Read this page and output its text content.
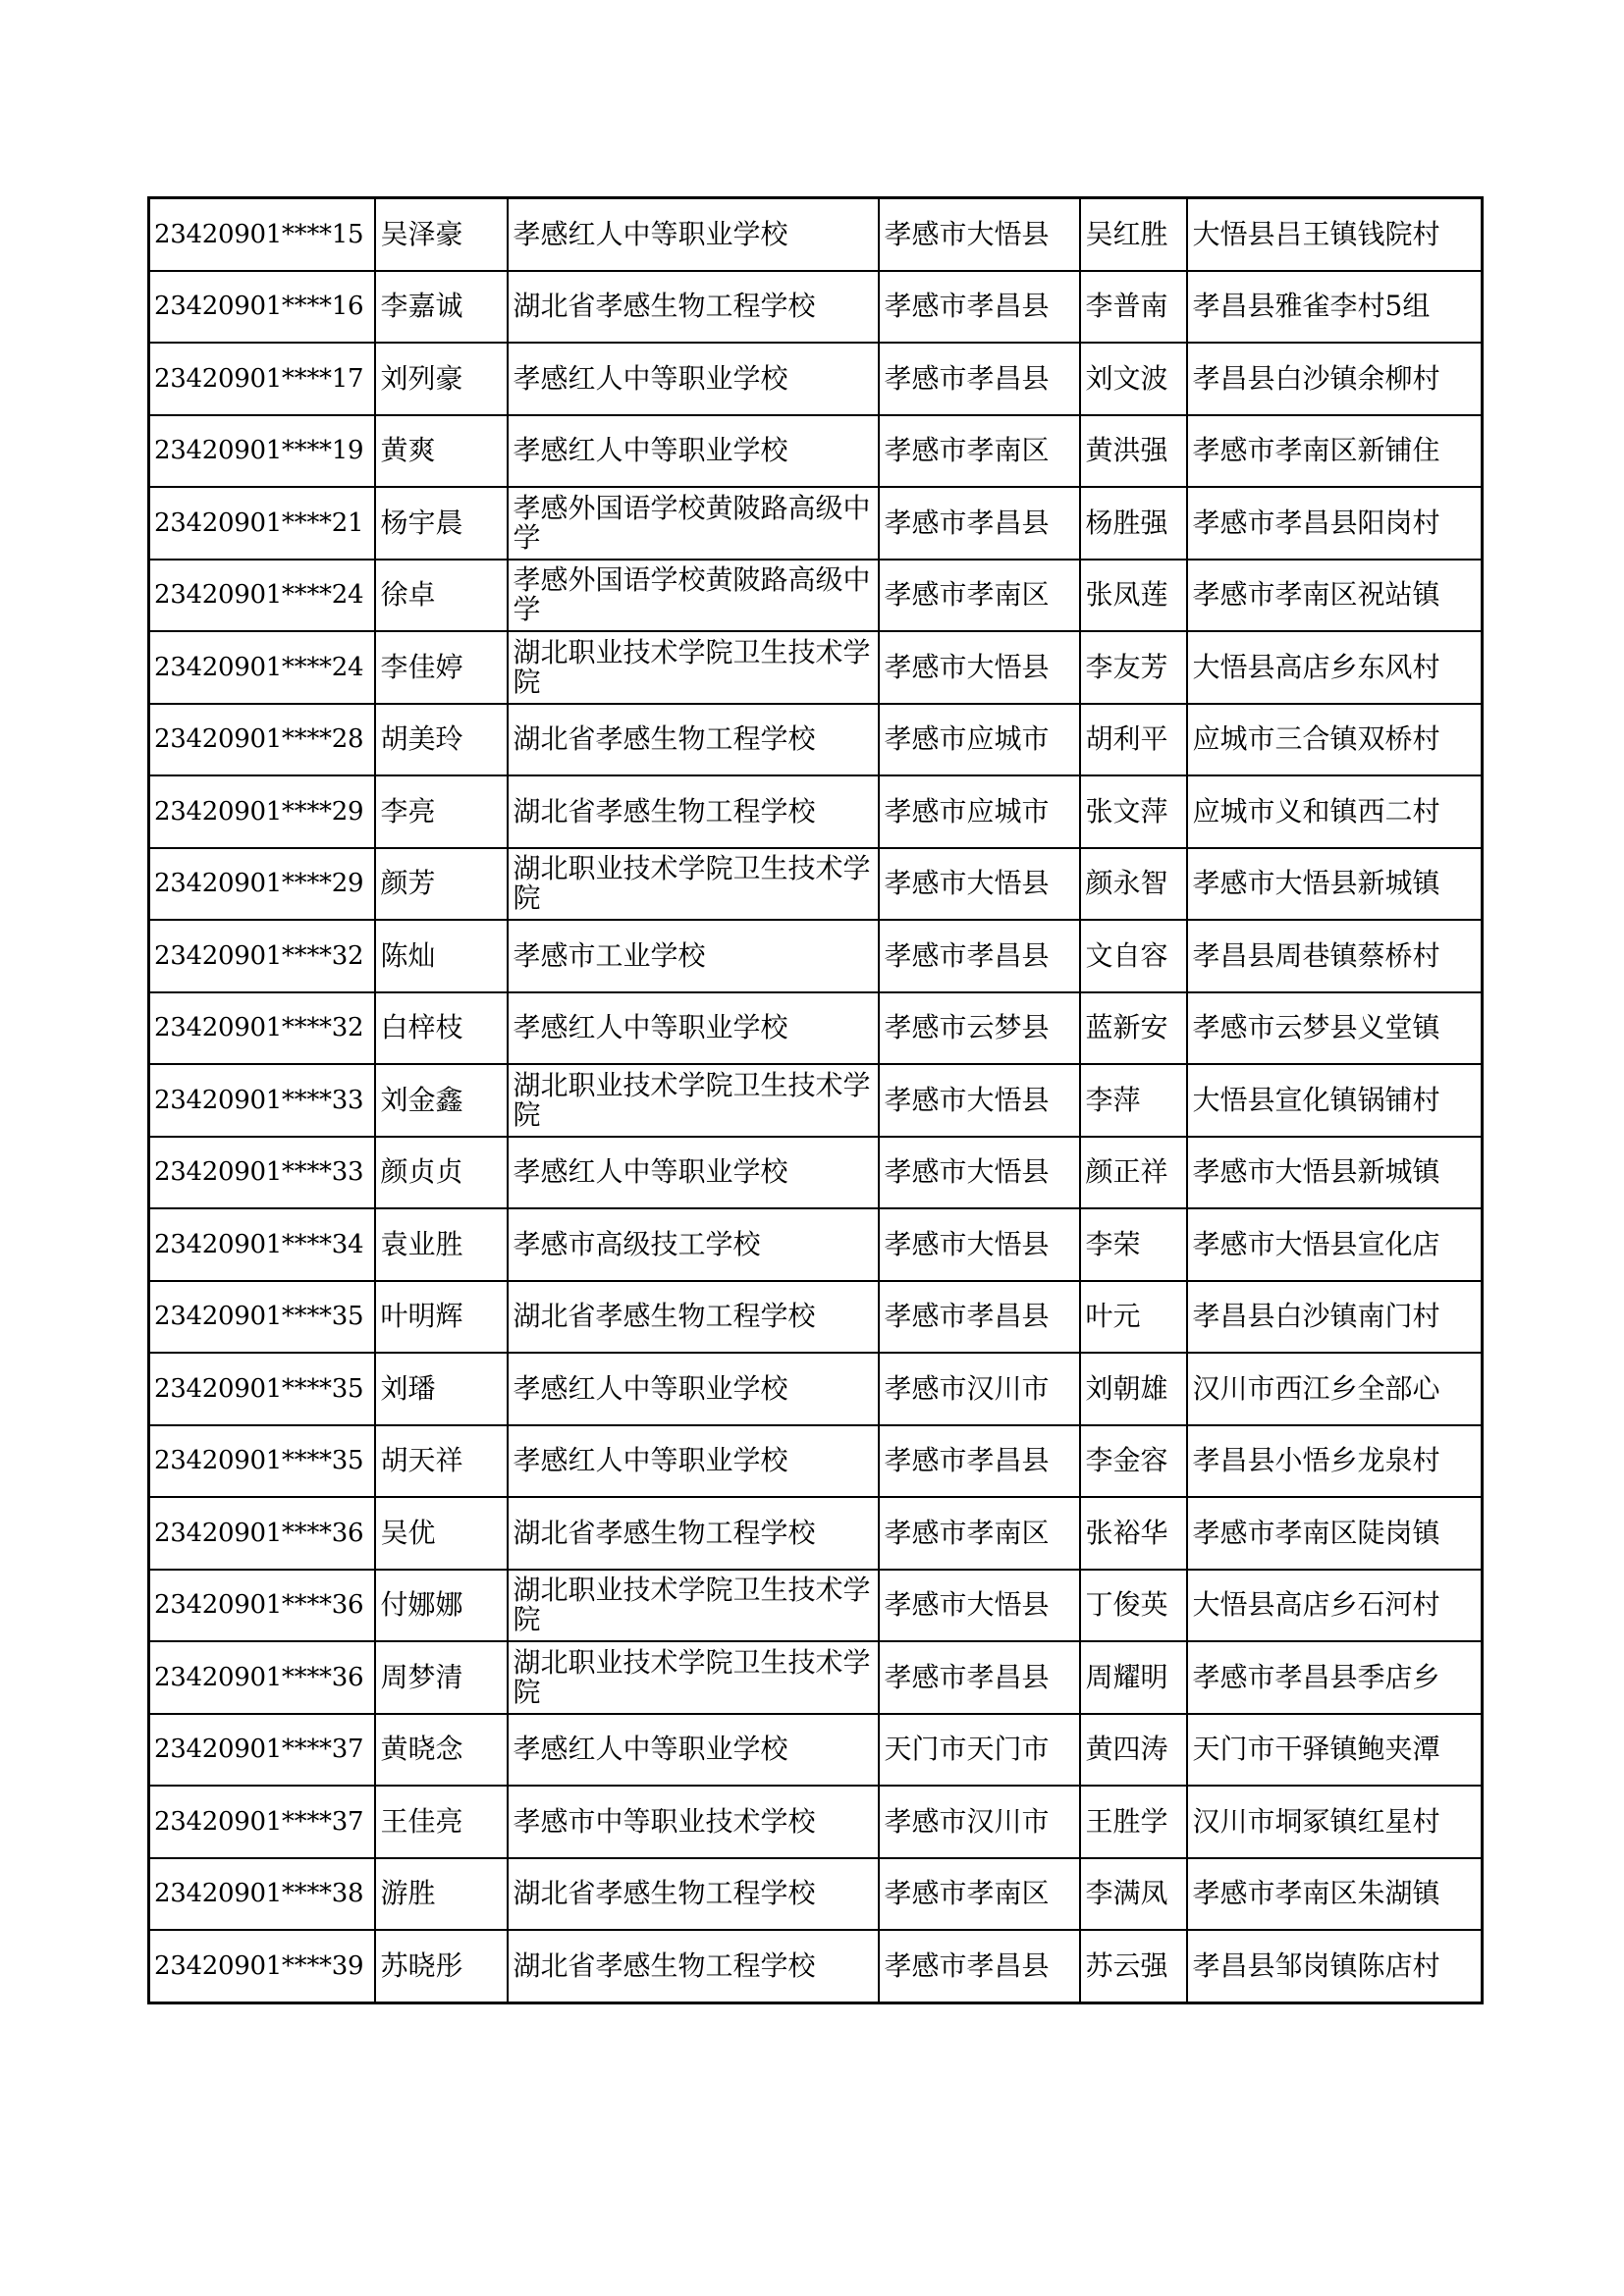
23420901****15	吴泽豪	孝感红人中等职业学校	孝感市大悟县	吴红胜	大悟县吕王镇钱院村
23420901****16	李嘉诚	湖北省孝感生物工程学校	孝感市孝昌县	李普南	孝昌县雅雀李村5组
23420901****17	刘列豪	孝感红人中等职业学校	孝感市孝昌县	刘文波	孝昌县白沙镇余柳村
23420901****19	黄爽	孝感红人中等职业学校	孝感市孝南区	黄洪强	孝感市孝南区新铺住
23420901****21	杨宇晨	孝感外国语学校黄陂路高级中学	孝感市孝昌县	杨胜强	孝感市孝昌县阳岗村
23420901****24	徐卓	孝感外国语学校黄陂路高级中学	孝感市孝南区	张凤莲	孝感市孝南区祝站镇
23420901****24	李佳婷	湖北职业技术学院卫生技术学院	孝感市大悟县	李友芳	大悟县高店乡东风村
23420901****28	胡美玲	湖北省孝感生物工程学校	孝感市应城市	胡利平	应城市三合镇双桥村
23420901****29	李亮	湖北省孝感生物工程学校	孝感市应城市	张文萍	应城市义和镇西二村
23420901****29	颜芳	湖北职业技术学院卫生技术学院	孝感市大悟县	颜永智	孝感市大悟县新城镇
23420901****32	陈灿	孝感市工业学校	孝感市孝昌县	文自容	孝昌县周巷镇蔡桥村
23420901****32	白梓枝	孝感红人中等职业学校	孝感市云梦县	蓝新安	孝感市云梦县义堂镇
23420901****33	刘金鑫	湖北职业技术学院卫生技术学院	孝感市大悟县	李萍	大悟县宣化镇锅铺村
23420901****33	颜贞贞	孝感红人中等职业学校	孝感市大悟县	颜正祥	孝感市大悟县新城镇
23420901****34	袁业胜	孝感市高级技工学校	孝感市大悟县	李荣	孝感市大悟县宣化店
23420901****35	叶明辉	湖北省孝感生物工程学校	孝感市孝昌县	叶元	孝昌县白沙镇南门村
23420901****35	刘璠	孝感红人中等职业学校	孝感市汉川市	刘朝雄	汉川市西江乡全部心
23420901****35	胡天祥	孝感红人中等职业学校	孝感市孝昌县	李金容	孝昌县小悟乡龙泉村
23420901****36	吴优	湖北省孝感生物工程学校	孝感市孝南区	张裕华	孝感市孝南区陡岗镇
23420901****36	付娜娜	湖北职业技术学院卫生技术学院	孝感市大悟县	丁俊英	大悟县高店乡石河村
23420901****36	周梦清	湖北职业技术学院卫生技术学院	孝感市孝昌县	周耀明	孝感市孝昌县季店乡
23420901****37	黄晓念	孝感红人中等职业学校	天门市天门市	黄四涛	天门市干驿镇鲍夹潭
23420901****37	王佳亮	孝感市中等职业技术学校	孝感市汉川市	王胜学	汉川市垌冢镇红星村
23420901****38	游胜	湖北省孝感生物工程学校	孝感市孝南区	李满凤	孝感市孝南区朱湖镇
23420901****39	苏晓彤	湖北省孝感生物工程学校	孝感市孝昌县	苏云强	孝昌县邹岗镇陈店村
